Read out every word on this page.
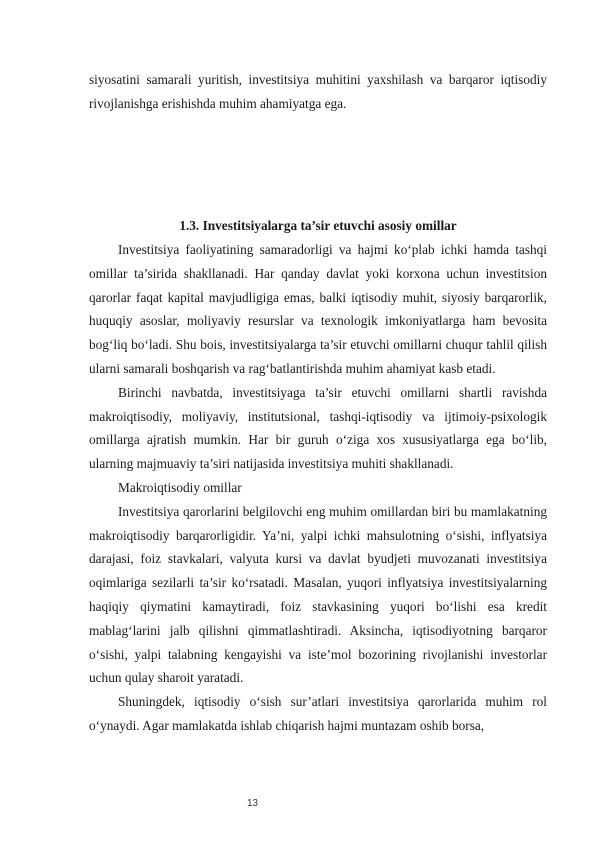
siyosatini samarali yuritish, investitsiya muhitini yaxshilash va barqaror iqtisodiy rivojlanishga erishishda muhim ahamiyatga ega.

1.3. Investitsiyalarga ta’sir etuvchi asosiy omillar

Investitsiya faoliyatining samaradorligi va hajmi ko‘plab ichki hamda tashqi omillar ta’sirida shakllanadi. Har qanday davlat yoki korxona uchun investitsion qarorlar faqat kapital mavjudligiga emas, balki iqtisodiy muhit, siyosiy barqarorlik, huquqiy asoslar, moliyaviy resurslar va texnologik imkoniyatlarga ham bevosita bog‘liq bo‘ladi. Shu bois, investitsiyalarga ta’sir etuvchi omillarni chuqur tahlil qilish ularni samarali boshqarish va rag‘batlantirishda muhim ahamiyat kasb etadi.

Birinchi navbatda, investitsiyaga ta’sir etuvchi omillarni shartli ravishda makroiqtisodiy, moliyaviy, institutsional, tashqi-iqtisodiy va ijtimoiy-psixologik omillarga ajratish mumkin. Har bir guruh o‘ziga xos xususiyatlarga ega bo‘lib, ularning majmuaviy ta’siri natijasida investitsiya muhiti shakllanadi.

Makroiqtisodiy omillar

Investitsiya qarorlarini belgilovchi eng muhim omillardan biri bu mamlakatning makroiqtisodiy barqarorligidir. Ya’ni, yalpi ichki mahsulotning o‘sishi, inflyatsiya darajasi, foiz stavkalari, valyuta kursi va davlat byudjeti muvozanati investitsiya oqimlariga sezilarli ta’sir ko‘rsatadi. Masalan, yuqori inflyatsiya investitsiyalarning haqiqiy qiymatini kamaytiradi, foiz stavkasining yuqori bo‘lishi esa kredit mablag‘larini jalb qilishni qimmatlashtiradi. Aksincha, iqtisodiyotning barqaror o‘sishi, yalpi talabning kengayishi va iste’mol bozorining rivojlanishi investorlar uchun qulay sharoit yaratadi.

Shuningdek, iqtisodiy o‘sish sur’atlari investitsiya qarorlarida muhim rol o‘ynaydi. Agar mamlakatda ishlab chiqarish hajmi muntazam oshib borsa,

13
